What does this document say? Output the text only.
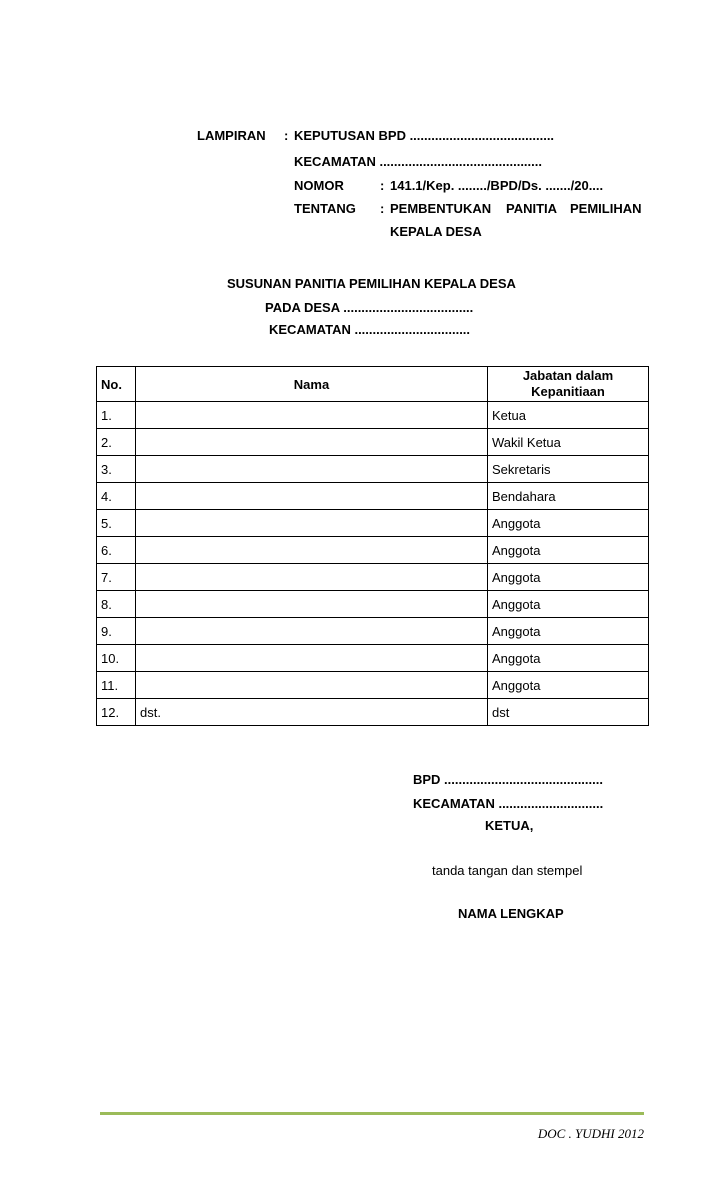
LAMPIRAN : KEPUTUSAN BPD ........................................
KECAMATAN .............................................
NOMOR	: 141.1/Kep. ......../BPD/Ds. ......./20....
TENTANG : PEMBENTUKAN PANITIA PEMILIHAN
KEPALA DESA
SUSUNAN PANITIA PEMILIHAN KEPALA DESA
PADA DESA ....................................
KECAMATAN ................................
No.	Nama	Jabatan dalam Kepanitiaan
1.		Ketua
2.		Wakil Ketua
3.		Sekretaris
4.		Bendahara
5.		Anggota
6.		Anggota
7.		Anggota
8.		Anggota
9.		Anggota
10.		Anggota
11.		Anggota
12.	dst.	dst
BPD ............................................
KECAMATAN .............................
KETUA,
tanda tangan dan stempel
NAMA LENGKAP
DOC . YUDHI 2012
